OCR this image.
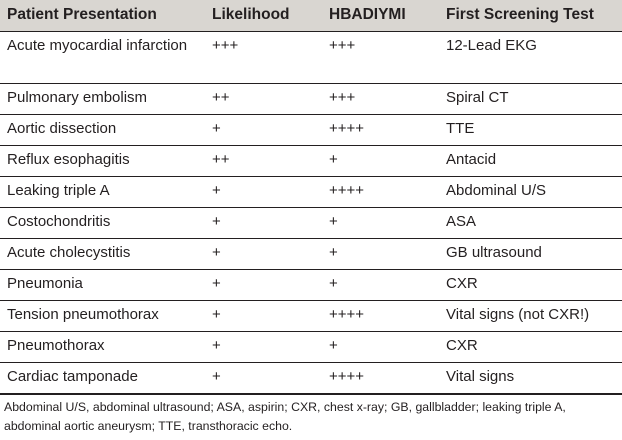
Patient Presentation	Likelihood	HBADIYMI	First Screening Test
Acute myocardial infarction	+++	+++	12-Lead EKG
Pulmonary embolism	++	+++	Spiral CT
Aortic dissection	+	++++	TTE
Reflux esophagitis	++	+	Antacid
Leaking triple A	+	++++	Abdominal U/S
Costochondritis	+	+	ASA
Acute cholecystitis	+	+	GB ultrasound
Pneumonia	+	+	CXR
Tension pneumothorax	+	++++	Vital signs (not CXR!)
Pneumothorax	+	+	CXR
Cardiac tamponade	+	++++	Vital signs
Abdominal U/S, abdominal ultrasound; ASA, aspirin; CXR, chest x-ray; GB, gallbladder; leaking triple A, abdominal aortic aneurysm; TTE, transthoracic echo.
